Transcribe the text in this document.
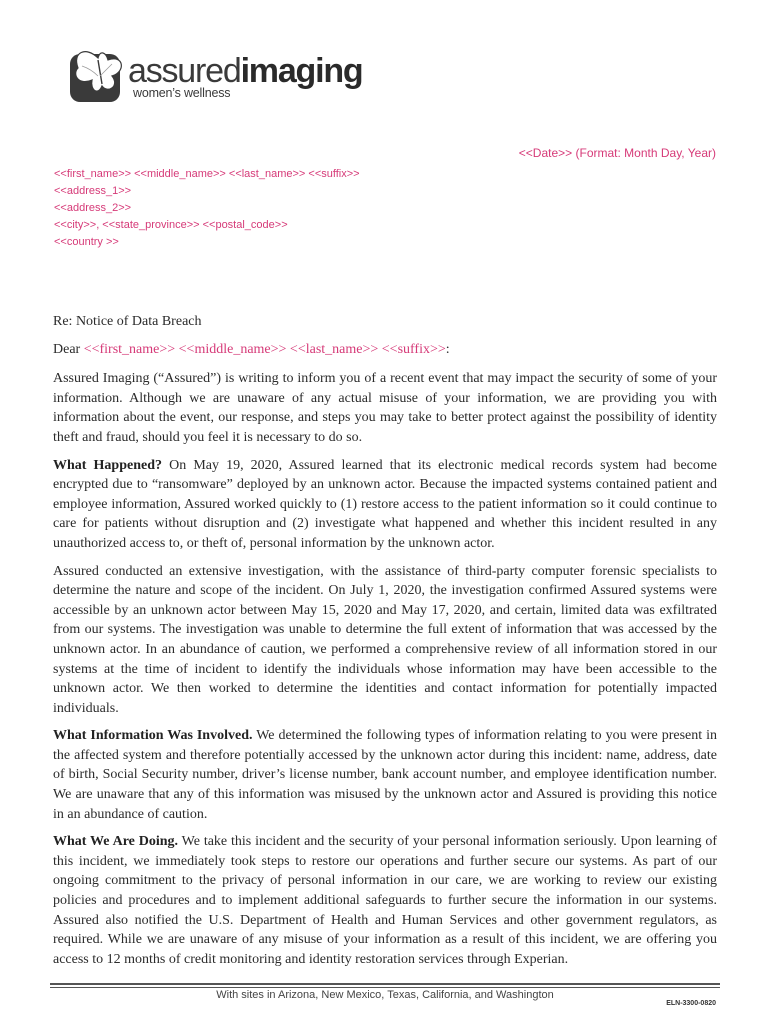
assuredimaging
women’s wellness
<<Date>> (Format: Month Day, Year)
<<first_name>> <<middle_name>> <<last_name>> <<suffix>>
<<address_1>>
<<address_2>>
<<city>>, <<state_province>> <<postal_code>>
<<country >>

Re: Notice of Data Breach

Dear <<first_name>> <<middle_name>> <<last_name>> <<suffix>>:

Assured Imaging (“Assured”) is writing to inform you of a recent event that may impact the security of some of your information. Although we are unaware of any actual misuse of your information, we are providing you with information about the event, our response, and steps you may take to better protect against the possibility of identity theft and fraud, should you feel it is necessary to do so.

What Happened? On May 19, 2020, Assured learned that its electronic medical records system had become encrypted due to “ransomware” deployed by an unknown actor. Because the impacted systems contained patient and employee information, Assured worked quickly to (1) restore access to the patient information so it could continue to care for patients without disruption and (2) investigate what happened and whether this incident resulted in any unauthorized access to, or theft of, personal information by the unknown actor.

Assured conducted an extensive investigation, with the assistance of third-party computer forensic specialists to determine the nature and scope of the incident. On July 1, 2020, the investigation confirmed Assured systems were accessible by an unknown actor between May 15, 2020 and May 17, 2020, and certain, limited data was exfiltrated from our systems. The investigation was unable to determine the full extent of information that was accessed by the unknown actor. In an abundance of caution, we performed a comprehensive review of all information stored in our systems at the time of incident to identify the individuals whose information may have been accessible to the unknown actor. We then worked to determine the identities and contact information for potentially impacted individuals.

What Information Was Involved. We determined the following types of information relating to you were present in the affected system and therefore potentially accessed by the unknown actor during this incident: name, address, date of birth, Social Security number, driver’s license number, bank account number, and employee identification number. We are unaware that any of this information was misused by the unknown actor and Assured is providing this notice in an abundance of caution.

What We Are Doing. We take this incident and the security of your personal information seriously. Upon learning of this incident, we immediately took steps to restore our operations and further secure our systems. As part of our ongoing commitment to the privacy of personal information in our care, we are working to review our existing policies and procedures and to implement additional safeguards to further secure the information in our systems. Assured also notified the U.S. Department of Health and Human Services and other government regulators, as required. While we are unaware of any misuse of your information as a result of this incident, we are offering you access to 12 months of credit monitoring and identity restoration services through Experian.

With sites in Arizona, New Mexico, Texas, California, and Washington
ELN-3300-0820
